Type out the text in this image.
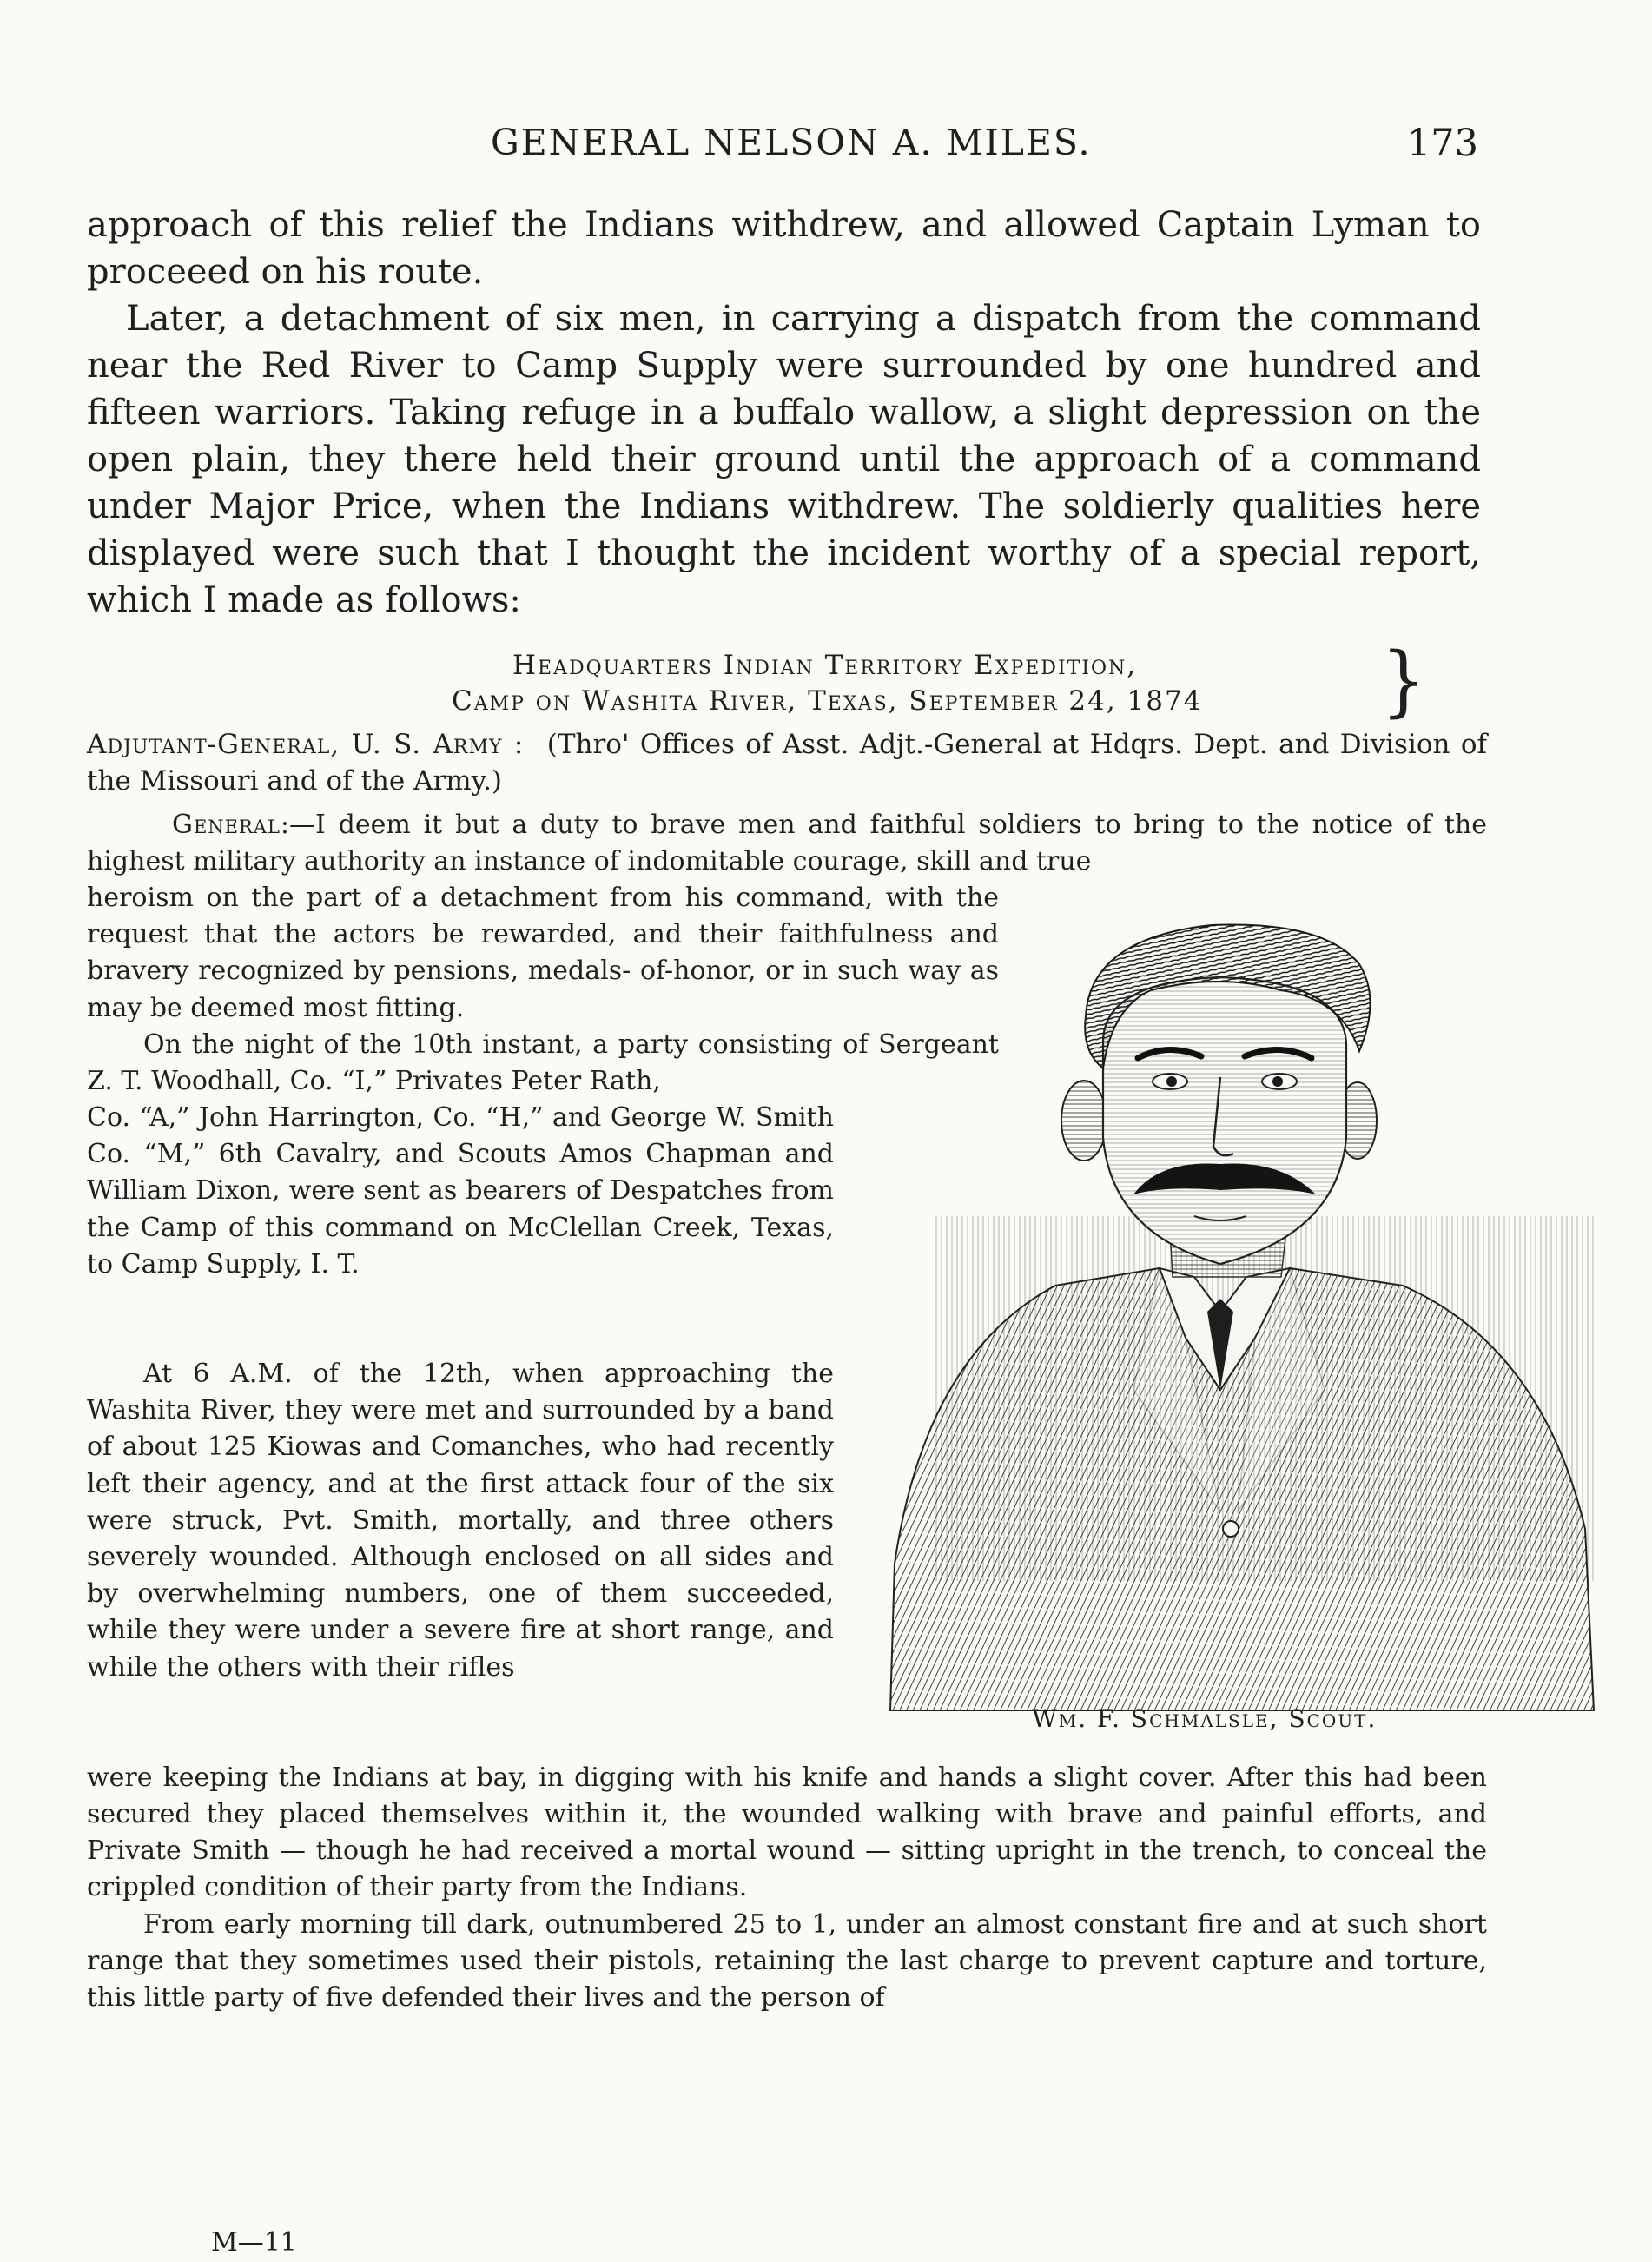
GENERAL NELSON A. MILES.	173

approach of this relief the Indians withdrew, and allowed Captain Lyman to proceeed on his route.

Later, a detachment of six men, in carrying a dispatch from the command near the Red River to Camp Supply were surrounded by one hundred and fifteen warriors. Taking refuge in a buffalo wallow, a slight depression on the open plain, they there held their ground until the approach of a command under Major Price, when the Indians withdrew. The soldierly qualities here displayed were such that I thought the incident worthy of a special report, which I made as follows:

Headquarters Indian Territory Expedition,
Camp on Washita River, Texas, September 24, 1874	}
Adjutant-General, U. S. Army : (Thro' Offices of Asst. Adjt.-General at Hdqrs. Dept. and Division of the Missouri and of the Army.)
General:—I deem it but a duty to brave men and faithful soldiers to bring to the notice of the highest military authority an instance of indomitable courage, skill and true

heroism on the part of a detachment from his command, with the request that the actors be rewarded, and their faithfulness and bravery recognized by pensions, medals- of-honor, or in such way as may be deemed most fitting.

On the night of the 10th instant, a party consisting of Sergeant Z. T. Woodhall, Co. “I,” Privates Peter Rath,

Co. “A,” John Harrington, Co. “H,” and George W. Smith Co. “M,” 6th Cavalry, and Scouts Amos Chapman and William Dixon, were sent as bearers of Despatches from the Camp of this command on McClellan Creek, Texas, to Camp Supply, I. T.

At 6 A.M. of the 12th, when approaching the Washita River, they were met and surrounded by a band of about 125 Kiowas and Comanches, who had recently left their agency, and at the first attack four of the six were struck, Pvt. Smith, mortally, and three others severely wounded. Although enclosed on all sides and by overwhelming numbers, one of them succeeded, while they were under a severe fire at short range, and while the others with their rifles

were keeping the Indians at bay, in digging with his knife and hands a slight cover. After this had been secured they placed themselves within it, the wounded walking with brave and painful efforts, and Private Smith — though he had received a mortal wound — sitting upright in the trench, to conceal the crippled condition of their party from the Indians.

From early morning till dark, outnumbered 25 to 1, under an almost constant fire and at such short range that they sometimes used their pistols, retaining the last charge to prevent capture and torture, this little party of five defended their lives and the person of

Wm. F. Schmalsle, Scout.
M—11
